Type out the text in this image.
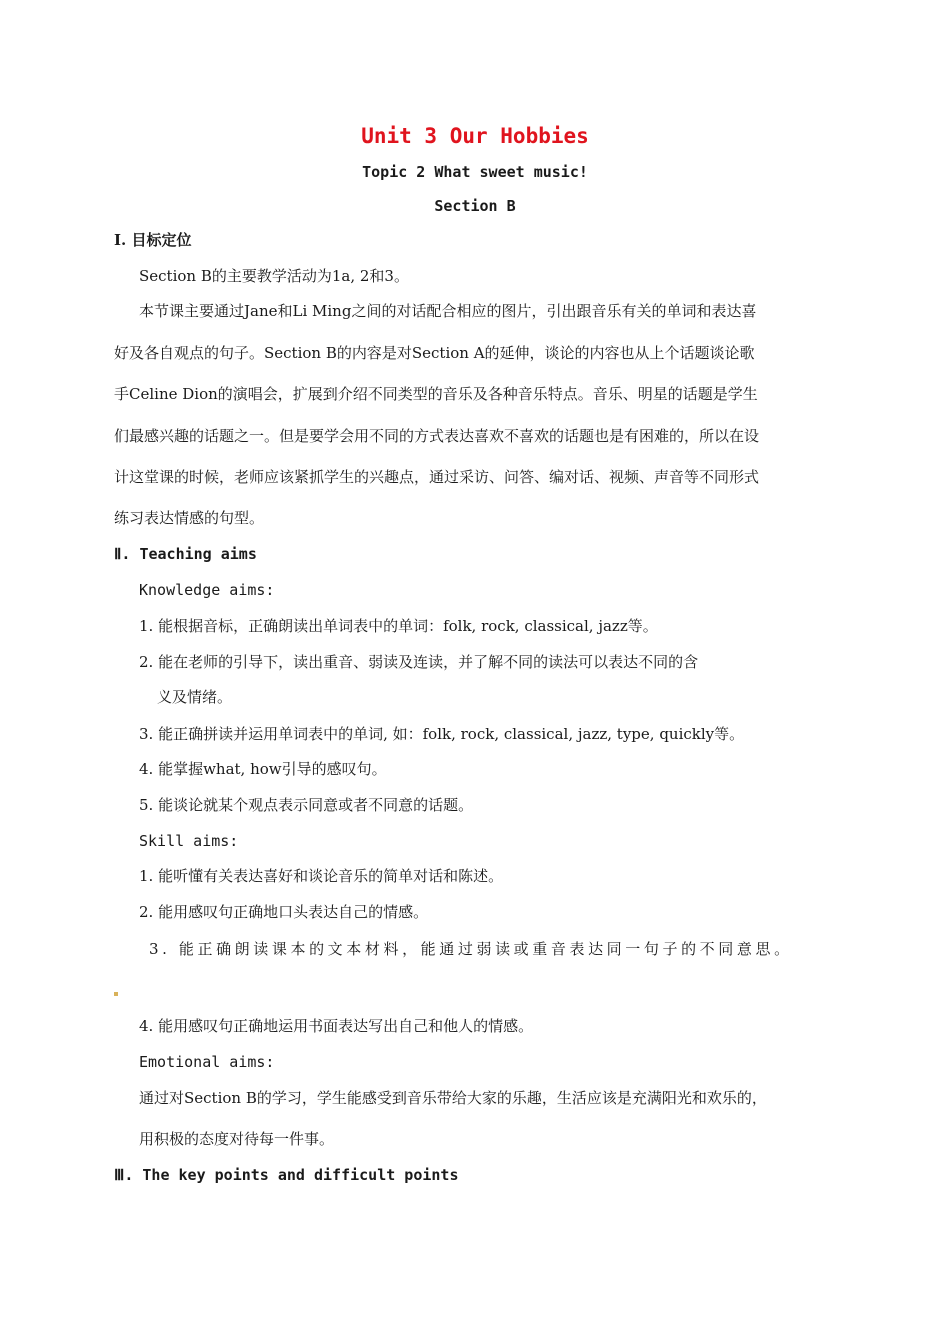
Unit 3 Our Hobbies
Topic 2 What sweet music!
Section B
Ⅰ. 目标定位
Section B的主要教学活动为1a, 2和3。
本节课主要通过Jane和Li Ming之间的对话配合相应的图片，引出跟音乐有关的单词和表达喜
好及各自观点的句子。Section B的内容是对Section A的延伸，谈论的内容也从上个话题谈论歌
手Celine Dion的演唱会，扩展到介绍不同类型的音乐及各种音乐特点。音乐、明星的话题是学生
们最感兴趣的话题之一。但是要学会用不同的方式表达喜欢不喜欢的话题也是有困难的，所以在设
计这堂课的时候，老师应该紧抓学生的兴趣点，通过采访、问答、编对话、视频、声音等不同形式
练习表达情感的句型。
Ⅱ. Teaching aims
Knowledge aims:
1. 能根据音标，正确朗读出单词表中的单词：folk, rock, classical, jazz等。
2. 能在老师的引导下，读出重音、弱读及连读，并了解不同的读法可以表达不同的含
义及情绪。
3. 能正确拼读并运用单词表中的单词, 如：folk, rock, classical, jazz, type, quickly等。
4. 能掌握what, how引导的感叹句。
5. 能谈论就某个观点表示同意或者不同意的话题。
Skill aims:
1. 能听懂有关表达喜好和谈论音乐的简单对话和陈述。
2. 能用感叹句正确地口头表达自己的情感。
3. 能正确朗读课本的文本材料，能通过弱读或重音表达同一句子的不同意思。
4. 能用感叹句正确地运用书面表达写出自己和他人的情感。
Emotional aims:
通过对Section B的学习，学生能感受到音乐带给大家的乐趣，生活应该是充满阳光和欢乐的，
用积极的态度对待每一件事。
Ⅲ. The key points and difficult points
